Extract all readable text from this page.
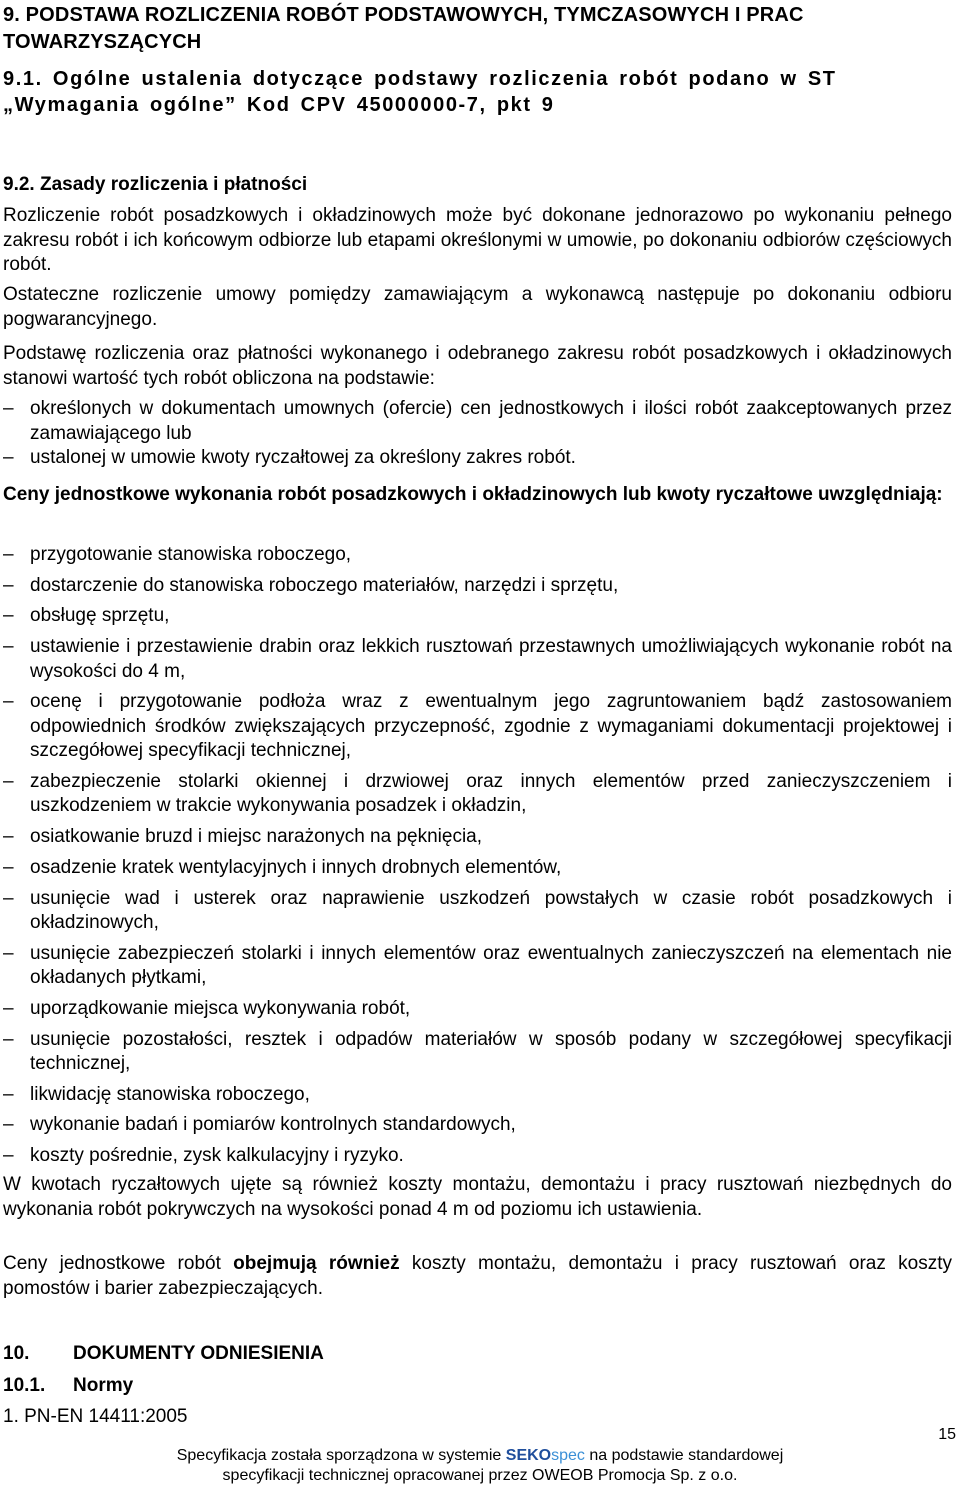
9. PODSTAWA ROZLICZENIA ROBÓT PODSTAWOWYCH, TYMCZASOWYCH I PRAC TOWARZYSZĄCYCH
9.1. Ogólne ustalenia dotyczące podstawy rozliczenia robót podano w ST „Wymagania ogólne” Kod CPV 45000000-7, pkt 9
9.2. Zasady rozliczenia i płatności

Rozliczenie robót posadzkowych i okładzinowych może być dokonane jednorazowo po wykonaniu pełnego zakresu robót i ich końcowym odbiorze lub etapami określonymi w umowie, po dokonaniu odbiorów częściowych robót.

Ostateczne rozliczenie umowy pomiędzy zamawiającym a wykonawcą następuje po dokonaniu odbioru pogwarancyjnego.

Podstawę rozliczenia oraz płatności wykonanego i odebranego zakresu robót posadzkowych i okładzinowych stanowi wartość tych robót obliczona na podstawie:

– określonych w dokumentach umownych (ofercie) cen jednostkowych i ilości robót zaakceptowanych przez zamawiającego lub
– ustalonej w umowie kwoty ryczałtowej za określony zakres robót.

Ceny jednostkowe wykonania robót posadzkowych i okładzinowych lub kwoty ryczałtowe uwzględniają:

– przygotowanie stanowiska roboczego,
– dostarczenie do stanowiska roboczego materiałów, narzędzi i sprzętu,
– obsługę sprzętu,
– ustawienie i przestawienie drabin oraz lekkich rusztowań przestawnych umożliwiających wykonanie robót na wysokości do 4 m,
– ocenę i przygotowanie podłoża wraz z ewentualnym jego zagruntowaniem bądź zastosowaniem odpowiednich środków zwiększających przyczepność, zgodnie z wymaganiami dokumentacji projektowej i szczegółowej specyfikacji technicznej,
– zabezpieczenie stolarki okiennej i drzwiowej oraz innych elementów przed zanieczyszczeniem i uszkodzeniem w trakcie wykonywania posadzek i okładzin,
– osiatkowanie bruzd i miejsc narażonych na pęknięcia,
– osadzenie kratek wentylacyjnych i innych drobnych elementów,
– usunięcie wad i usterek oraz naprawienie uszkodzeń powstałych w czasie robót posadzkowych i okładzinowych,
– usunięcie zabezpieczeń stolarki i innych elementów oraz ewentualnych zanieczyszczeń na elementach nie okładanych płytkami,
– uporządkowanie miejsca wykonywania robót,
– usunięcie pozostałości, resztek i odpadów materiałów w sposób podany w szczegółowej specyfikacji technicznej,
– likwidację stanowiska roboczego,
– wykonanie badań i pomiarów kontrolnych standardowych,
– koszty pośrednie, zysk kalkulacyjny i ryzyko.

W kwotach ryczałtowych ujęte są również koszty montażu, demontażu i pracy rusztowań niezbędnych do wykonania robót pokrywczych na wysokości ponad 4 m od poziomu ich ustawienia.

Ceny jednostkowe robót obejmują również koszty montażu, demontażu i pracy rusztowań oraz koszty pomostów i barier zabezpieczających.

10. DOKUMENTY ODNIESIENIA
10.1. Normy
1. PN-EN 14411:2005
15
Specyfikacja została sporządzona w systemie SEKOspec na podstawie standardowej
specyfikacji technicznej opracowanej przez OWEOB Promocja Sp. z o.o.
